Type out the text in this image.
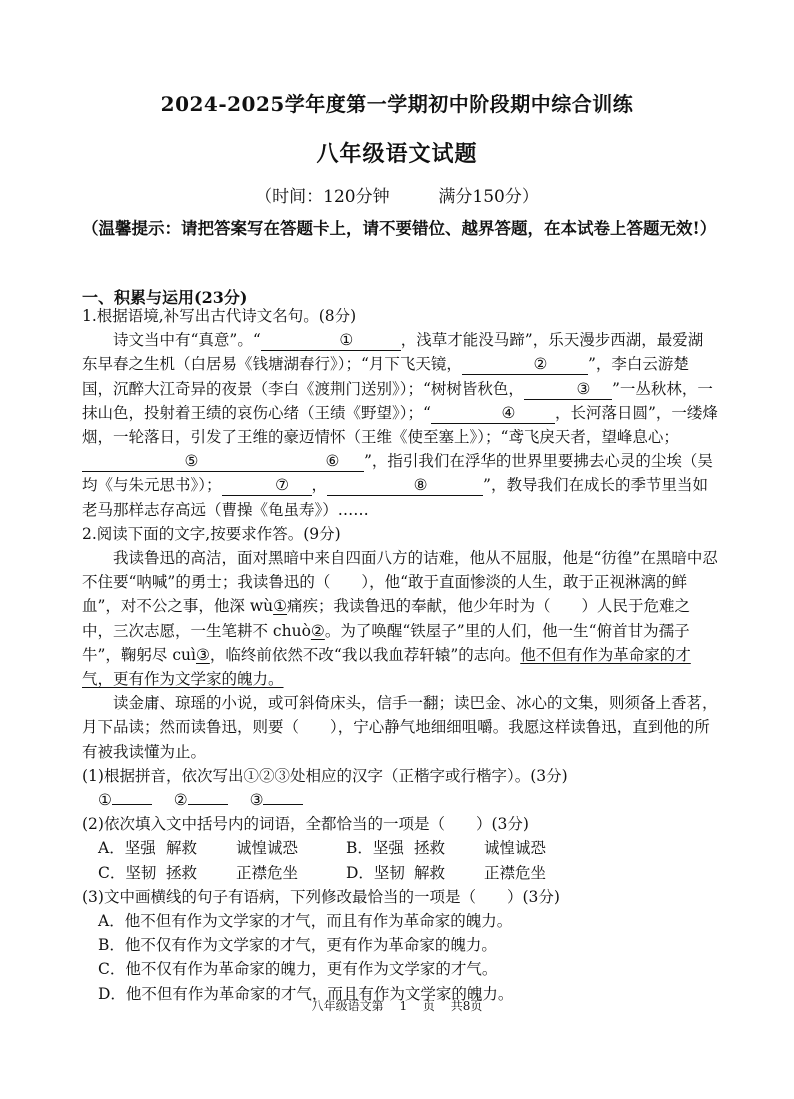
2024-2025学年度第一学期初中阶段期中综合训练
八年级语文试题
（时间：120分钟	满分150分）
（温馨提示：请把答案写在答题卡上，请不要错位、越界答题，在本试卷上答题无效!）
一、积累与运用(23分)

1.根据语境,补写出古代诗文名句。(8分)

诗文当中有“真意”。“	①	，浅草才能没马蹄”，乐天漫步西湖，最爱湖东早春之生机（白居易《钱塘湖春行》）；“月下飞天镜，	②	”，李白云游楚国，沉醉大江奇异的夜景（李白《渡荆门送别》）；“树树皆秋色，	③ ”一丛秋林，一抹山色，投射着王绩的哀伤心绪（王绩《野望》）；“	④	，长河落日圆”，一缕烽烟，一轮落日，引发了王维的豪迈情怀（王维《使至塞上》）；“鸢飞戾天者，望峰息心；⑤	⑥ ”，指引我们在浮华的世界里要拂去心灵的尘埃（吴均《与朱元思书》）；	⑦ ，	⑧	”，教导我们在成长的季节里当如老马那样志存高远（曹操《龟虽寿》）……

2.阅读下面的文字,按要求作答。(9分)

我读鲁迅的高洁，面对黑暗中来自四面八方的诘难，他从不屈服，他是“彷徨”在黑暗中忍不住要“呐喊”的勇士；我读鲁迅的（　　），他“敢于直面惨淡的人生，敢于正视淋漓的鲜血”，对不公之事，他深 wù①痛疾；我读鲁迅的奉献，他少年时为（　　）人民于危难之中，三次志愿，一生笔耕不 chuò②。为了唤醒“铁屋子”里的人们，他一生“俯首甘为孺子牛”，鞠躬尽 cuì③，临终前依然不改“我以我血荐轩辕”的志向。他不但有作为革命家的才气，更有作为文学家的魄力。

读金庸、琼瑶的小说，或可斜倚床头，信手一翻；读巴金、冰心的文集，则须备上香茗，月下品读；然而读鲁迅，则要（　　），宁心静气地细细咀嚼。我愿这样读鲁迅，直到他的所有被我读懂为止。

(1)根据拼音，依次写出①②③处相应的汉字（正楷字或行楷字）。(3分)

①	②	③

(2)依次填入文中括号内的词语，全都恰当的一项是（　　）(3分)

A．坚强 解救	诚惶诚恐	B．坚强 拯救	诚惶诚恐
C．坚韧 拯救	正襟危坐	D．坚韧 解救	正襟危坐

(3)文中画横线的句子有语病，下列修改最恰当的一项是（　　）(3分)

A．他不但有作为文学家的才气，而且有作为革命家的魄力。

B．他不仅有作为文学家的才气，更有作为革命家的魄力。

C．他不仅有作为革命家的魄力，更有作为文学家的才气。

D．他不但有作为革命家的才气，而且有作为文学家的魄力。

八年级语文第 1 页 共8页
